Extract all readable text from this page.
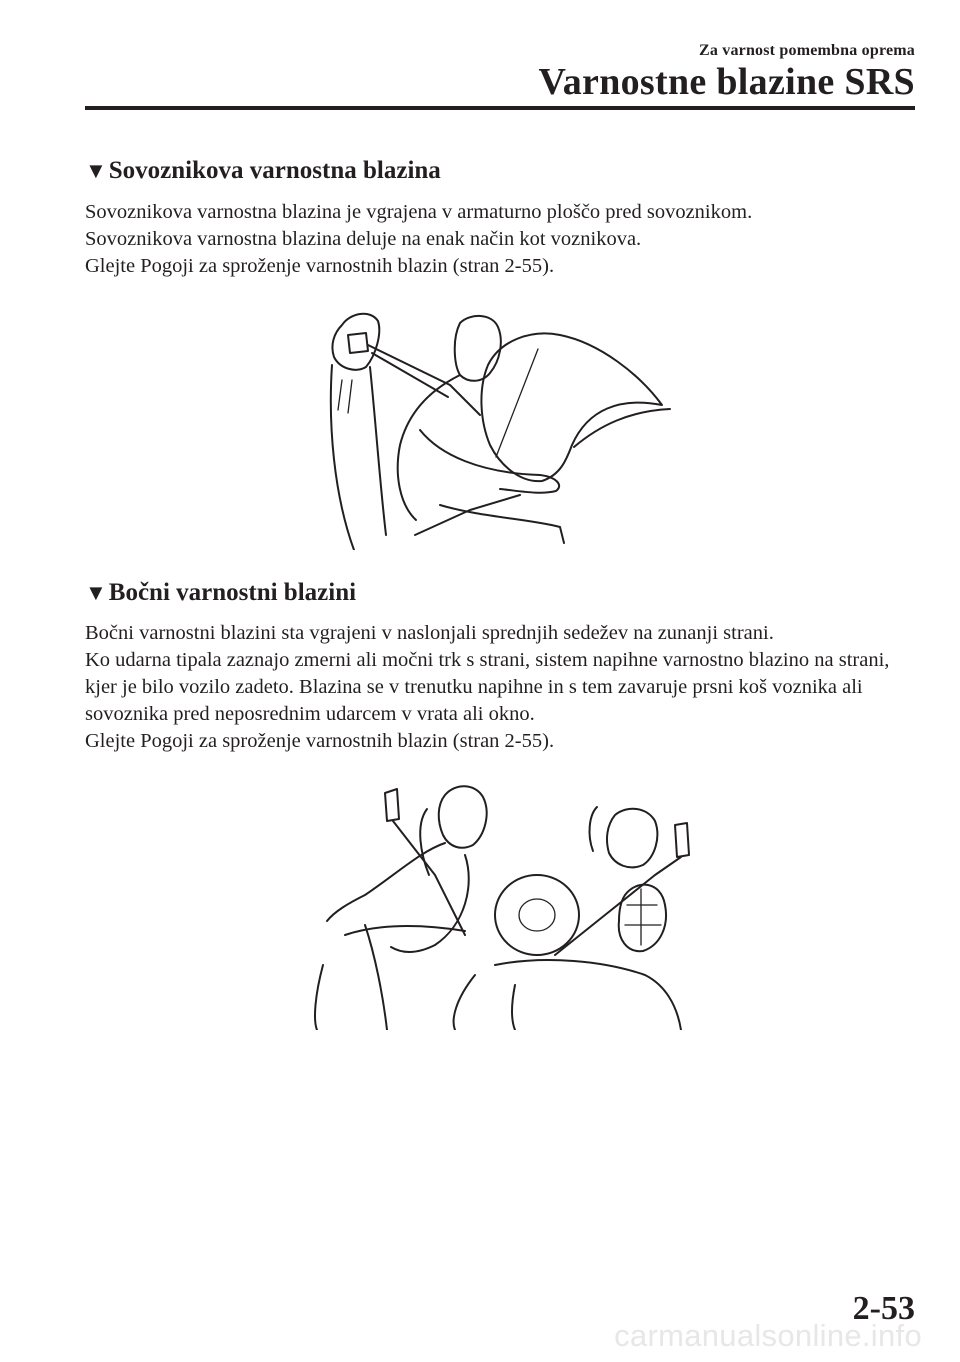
Za varnost pomembna oprema
Varnostne blazine SRS
▼Sovoznikova varnostna blazina

Sovoznikova varnostna blazina je vgrajena v armaturno ploščo pred sovoznikom.

Sovoznikova varnostna blazina deluje na enak način kot voznikova.

Glejte Pogoji za sproženje varnostnih blazin (stran 2-55).

▼Bočni varnostni blazini

Bočni varnostni blazini sta vgrajeni v naslonjali sprednjih sedežev na zunanji strani.

Ko udarna tipala zaznajo zmerni ali močni trk s strani, sistem napihne varnostno blazino na strani, kjer je bilo vozilo zadeto. Blazina se v trenutku napihne in s tem zavaruje prsni koš voznika ali sovoznika pred neposrednim udarcem v vrata ali okno.

Glejte Pogoji za sproženje varnostnih blazin (stran 2-55).

2-53
carmanualsonline.info
